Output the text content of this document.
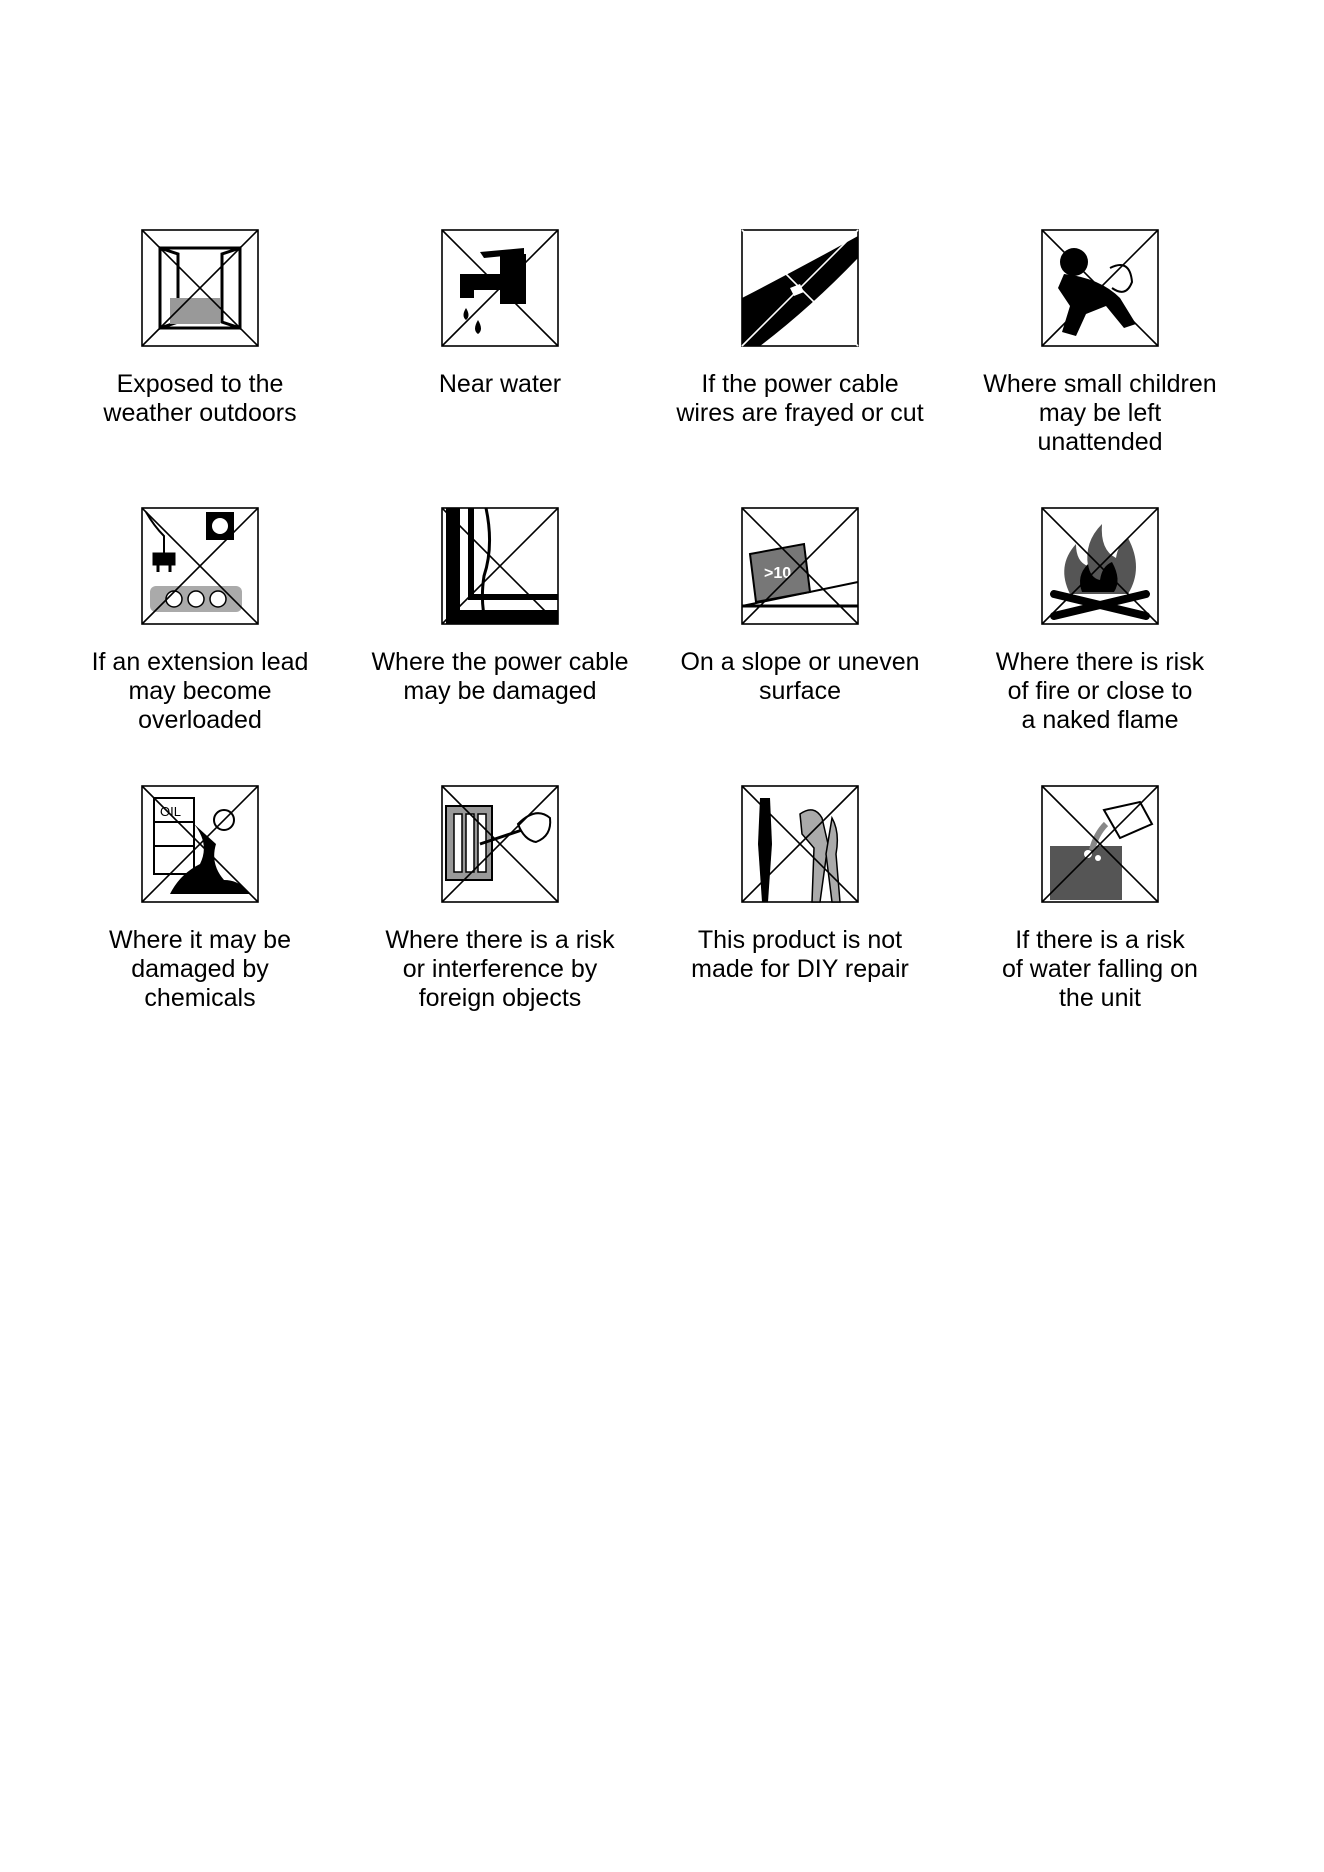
Exposed to the
weather outdoors
Near water	If the power cable
wires are frayed or cut
Where small children
may be left
unattended
If an extension lead
may become
overloaded
Where the power cable
may be damaged
>10
On a slope or uneven
surface
Where there is risk
of fire or close to
a naked flame
OIL
Where it may be
damaged by
chemicals
Where there is a risk
or interference by
foreign objects
This product is not
made for DIY repair
If there is a risk
of water falling on
the unit
